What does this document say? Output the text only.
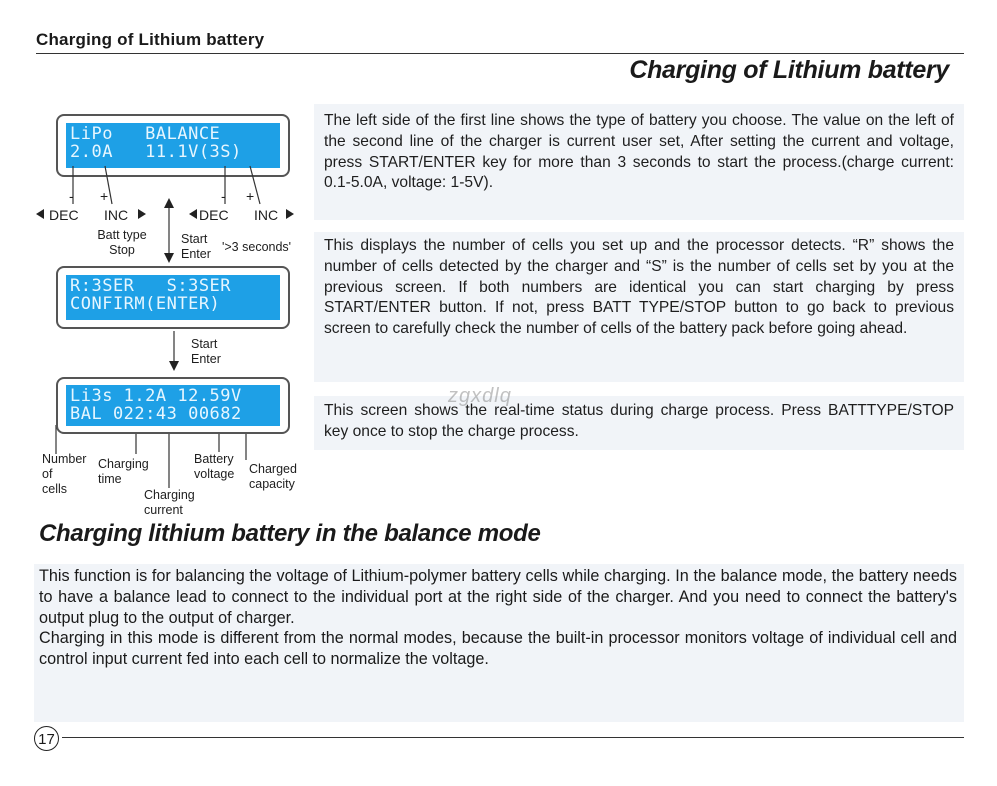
Charging of Lithium battery
Charging of Lithium battery
LiPo   BALANCE
2.0A   11.1V(3S)
- +	- +
DEC INC	DEC INC
Batt type
Stop
Start
Enter '>3 seconds'
R:3SER   S:3SER
CONFIRM(ENTER)
Start
Enter
Li3s 1.2A 12.59V
BAL 022:43 00682
Number
of
cells
Charging
time
Charging
current
Battery
voltage Charged
capacity
The left side of the first line shows the type of battery you choose. The value on the left of the second line of the charger is current user set, After setting the current and voltage, press START/ENTER key for more than 3 seconds to start the process.(charge current: 0.1-5.0A, voltage: 1-5V).
This displays the number of cells you set up and the processor detects. “R” shows the number of cells detected by the charger and “S” is the number of cells set by you at the previous screen. If both numbers are identical you can start charging by press START/ENTER button. If not, press BATT TYPE/STOP button to go back to previous screen to carefully check the number of cells of the battery pack before going ahead.
This screen shows the real-time status during charge process. Press BATTTYPE/STOP key once to stop the charge process.
zgxdlq
Charging lithium battery in the balance mode
This function is for balancing the voltage of Lithium-polymer battery cells while charging. In the balance mode, the battery needs to have a balance lead to connect to the individual port at the right side of the charger. And you need to connect the battery's output plug to the output of charger.
Charging in this mode is different from the normal modes, because the built-in processor monitors voltage of individual cell and control input current fed into each cell to normalize the voltage.
17
